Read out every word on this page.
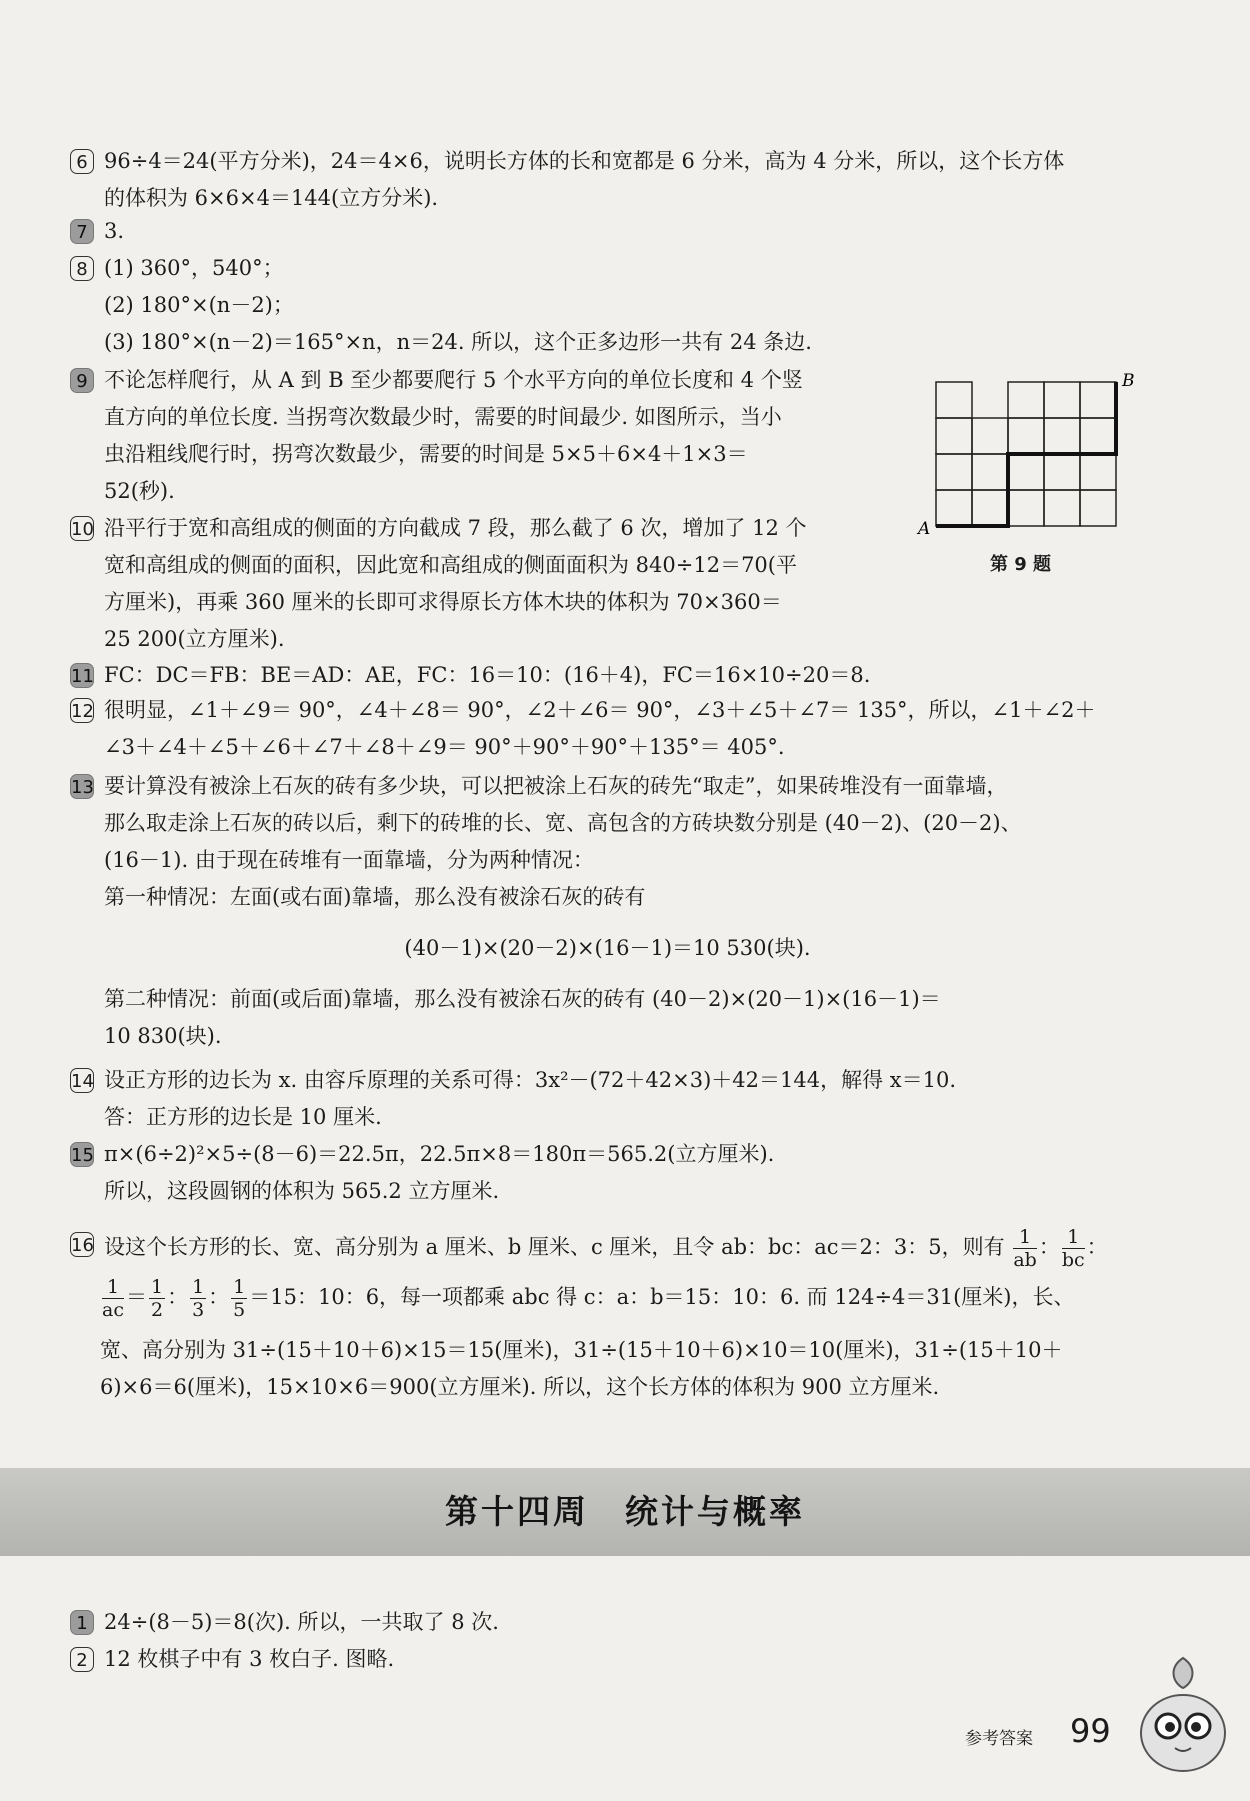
6 96÷4＝24(平方分米)，24＝4×6，说明长方体的长和宽都是 6 分米，高为 4 分米，所以，这个长方体
的体积为 6×6×4＝144(立方分米).
7 3.
8 (1) 360°，540°；
(2) 180°×(n－2)；
(3) 180°×(n－2)＝165°×n，n＝24. 所以，这个正多边形一共有 24 条边.
9 不论怎样爬行，从 A 到 B 至少都要爬行 5 个水平方向的单位长度和 4 个竖
直方向的单位长度. 当拐弯次数最少时，需要的时间最少. 如图所示，当小
虫沿粗线爬行时，拐弯次数最少，需要的时间是 5×5＋6×4＋1×3＝
52(秒).
10 沿平行于宽和高组成的侧面的方向截成 7 段，那么截了 6 次，增加了 12 个
宽和高组成的侧面的面积，因此宽和高组成的侧面面积为 840÷12＝70(平
方厘米)，再乘 360 厘米的长即可求得原长方体木块的体积为 70×360＝
25 200(立方厘米).
A
B
第 9 题
11 FC：DC＝FB：BE＝AD：AE，FC：16＝10：(16＋4)，FC＝16×10÷20＝8.
12 很明显，∠1＋∠9＝ 90°，∠4＋∠8＝ 90°，∠2＋∠6＝ 90°，∠3＋∠5＋∠7＝ 135°，所以，∠1＋∠2＋
∠3＋∠4＋∠5＋∠6＋∠7＋∠8＋∠9＝ 90°＋90°＋90°＋135°＝ 405°.
13 要计算没有被涂上石灰的砖有多少块，可以把被涂上石灰的砖先“取走”，如果砖堆没有一面靠墙，
那么取走涂上石灰的砖以后，剩下的砖堆的长、宽、高包含的方砖块数分别是 (40－2)、(20－2)、
(16－1). 由于现在砖堆有一面靠墙，分为两种情况：
第一种情况：左面(或右面)靠墙，那么没有被涂石灰的砖有
(40－1)×(20－2)×(16－1)＝10 530(块).
第二种情况：前面(或后面)靠墙，那么没有被涂石灰的砖有 (40－2)×(20－1)×(16－1)＝
10 830(块).
14 设正方形的边长为 x. 由容斥原理的关系可得：3x²－(72＋42×3)＋42＝144，解得 x＝10.
答：正方形的边长是 10 厘米.
15 π×(6÷2)²×5÷(8－6)＝22.5π，22.5π×8＝180π＝565.2(立方厘米).
所以，这段圆钢的体积为 565.2 立方厘米.
16 设这个长方形的长、宽、高分别为 a 厘米、b 厘米、c 厘米，且令 ab：bc：ac＝2：3：5，则有 $\frac{1}{ab}$ ： $\frac{1}{bc}$ ：
$\frac{1}{ac} = \frac{1}{2}$ ： $\frac{1}{3}$ ： $\frac{1}{5} =15$：10：6，每一项都乘 abc 得 c：a：b＝15：10：6. 而 124÷4＝31(厘米)，长、
宽、高分别为 31÷(15＋10＋6)×15＝15(厘米)，31÷(15＋10＋6)×10＝10(厘米)，31÷(15＋10＋
6)×6＝6(厘米)，15×10×6＝900(立方厘米). 所以，这个长方体的体积为 900 立方厘米.
第十四周　统计与概率
1 24÷(8－5)＝8(次). 所以，一共取了 8 次.
2 12 枚棋子中有 3 枚白子. 图略.
参考答案 99
